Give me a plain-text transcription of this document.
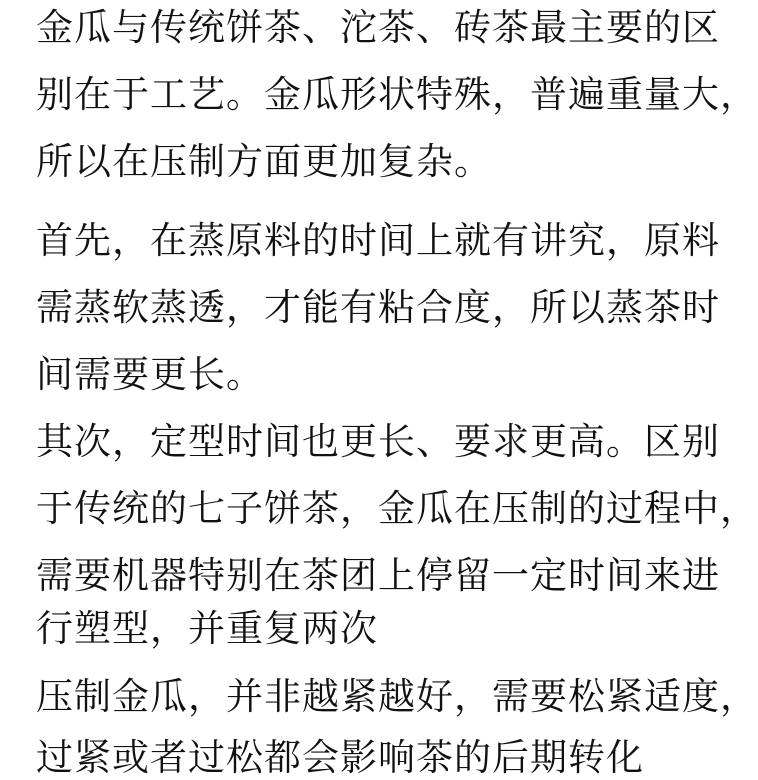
金瓜与传统饼茶、沱茶、砖茶最主要的区
别在于工艺。金瓜形状特殊，普遍重量大，
所以在压制方面更加复杂。
首先，在蒸原料的时间上就有讲究，原料
需蒸软蒸透，才能有粘合度，所以蒸茶时
间需要更长。
其次，定型时间也更长、要求更高。区别
于传统的七子饼茶，金瓜在压制的过程中，
需要机器特别在茶团上停留一定时间来进
行塑型，并重复两次
压制金瓜，并非越紧越好，需要松紧适度，
过紧或者过松都会影响茶的后期转化
